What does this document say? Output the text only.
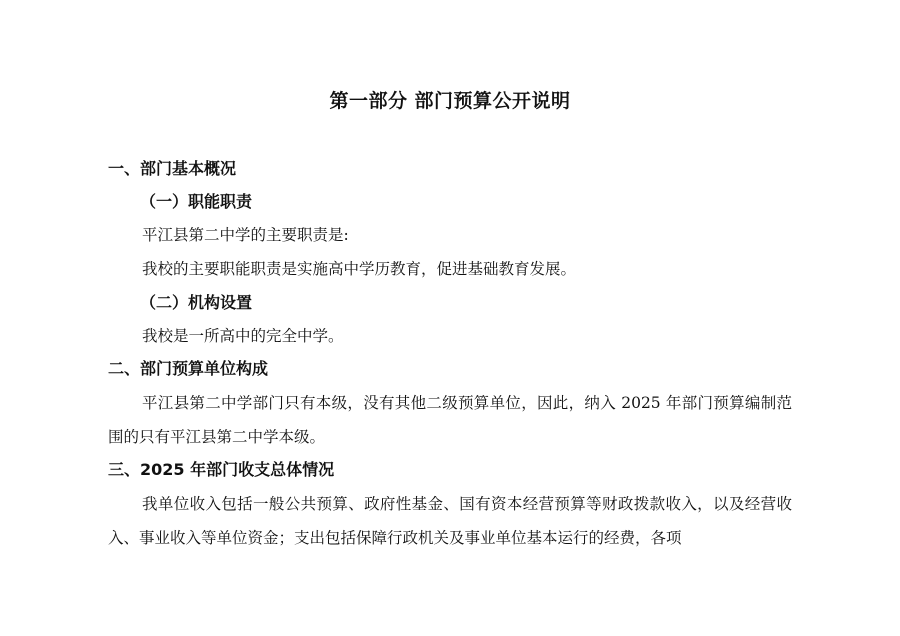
第一部分 部门预算公开说明
一、部门基本概况
（一）职能职责

平江县第二中学的主要职责是:

我校的主要职能职责是实施高中学历教育，促进基础教育发展。

（二）机构设置

我校是一所高中的完全中学。

二、部门预算单位构成

平江县第二中学部门只有本级，没有其他二级预算单位，因此，纳入 2025 年部门预算编制范围的只有平江县第二中学本级。

三、2025 年部门收支总体情况

我单位收入包括一般公共预算、政府性基金、国有资本经营预算等财政拨款收入，以及经营收入、事业收入等单位资金；支出包括保障行政机关及事业单位基本运行的经费，各项
